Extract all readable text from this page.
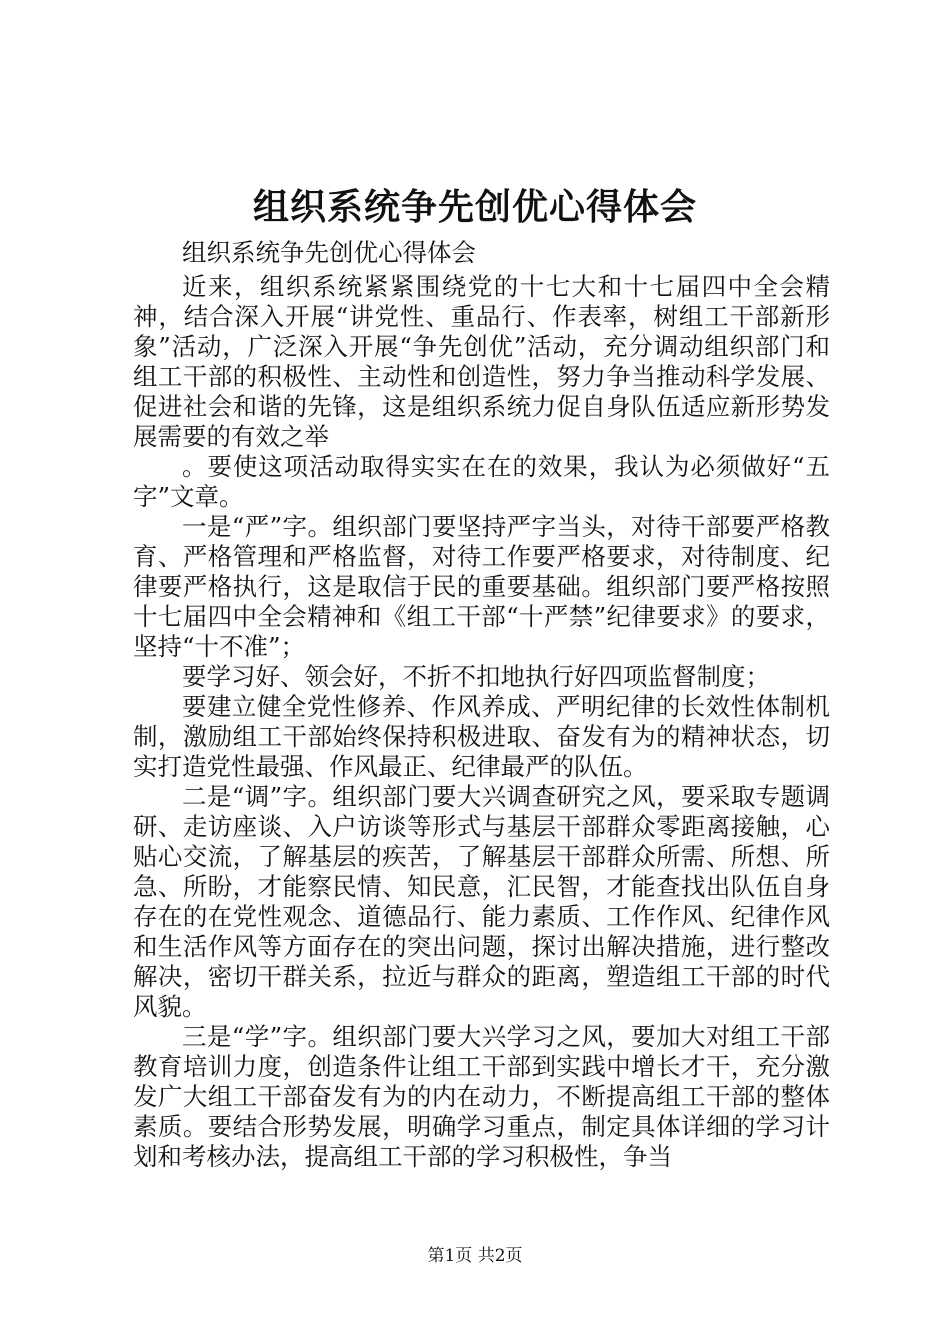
组织系统争先创优心得体会

组织系统争先创优心得体会

近来，组织系统紧紧围绕党的十七大和十七届四中全会精神，结合深入开展“讲党性、重品行、作表率，树组工干部新形象”活动，广泛深入开展“争先创优”活动，充分调动组织部门和组工干部的积极性、主动性和创造性，努力争当推动科学发展、促进社会和谐的先锋，这是组织系统力促自身队伍适应新形势发展需要的有效之举

。要使这项活动取得实实在在的效果，我认为必须做好“五字”文章。

一是“严”字。组织部门要坚持严字当头，对待干部要严格教育、严格管理和严格监督，对待工作要严格要求，对待制度、纪律要严格执行，这是取信于民的重要基础。组织部门要严格按照十七届四中全会精神和《组工干部“十严禁”纪律要求》的要求，坚持“十不准”；

要学习好、领会好，不折不扣地执行好四项监督制度；

要建立健全党性修养、作风养成、严明纪律的长效性体制机制，激励组工干部始终保持积极进取、奋发有为的精神状态，切实打造党性最强、作风最正、纪律最严的队伍。

二是“调”字。组织部门要大兴调查研究之风，要采取专题调研、走访座谈、入户访谈等形式与基层干部群众零距离接触，心贴心交流，了解基层的疾苦，了解基层干部群众所需、所想、所急、所盼，才能察民情、知民意，汇民智，才能查找出队伍自身存在的在党性观念、道德品行、能力素质、工作作风、纪律作风和生活作风等方面存在的突出问题，探讨出解决措施，进行整改解决，密切干群关系，拉近与群众的距离，塑造组工干部的时代风貌。

三是“学”字。组织部门要大兴学习之风，要加大对组工干部教育培训力度，创造条件让组工干部到实践中增长才干，充分激发广大组工干部奋发有为的内在动力，不断提高组工干部的整体素质。要结合形势发展，明确学习重点，制定具体详细的学习计划和考核办法，提高组工干部的学习积极性，争当

第1页 共2页
